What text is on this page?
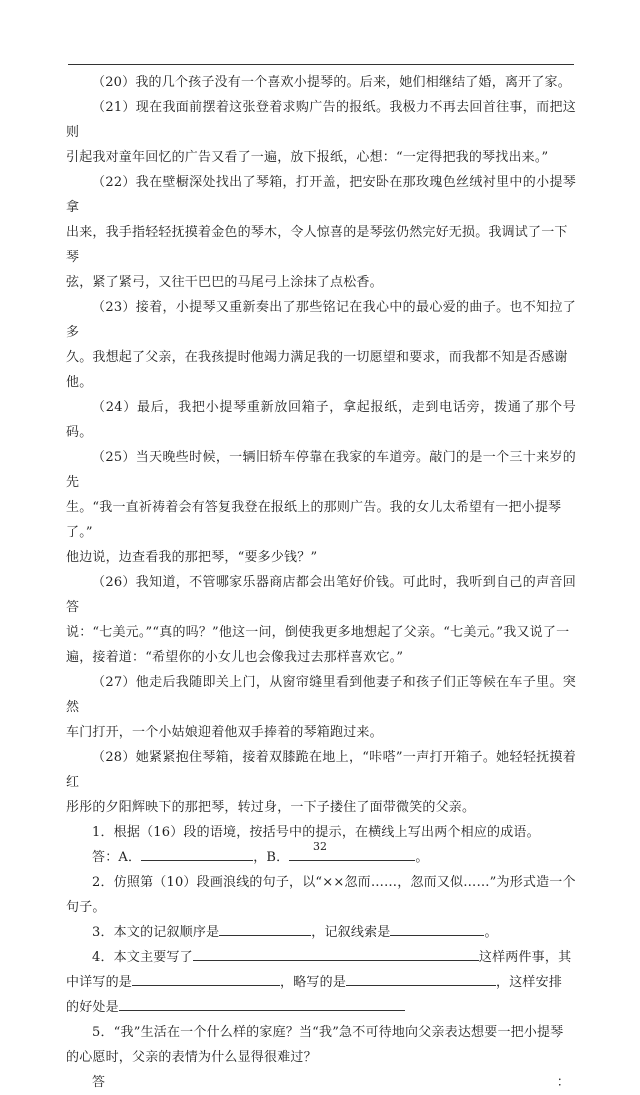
（20）我的几个孩子没有一个喜欢小提琴的。后来，她们相继结了婚，离开了家。

（21）现在我面前摆着这张登着求购广告的报纸。我极力不再去回首往事，而把这则

引起我对童年回忆的广告又看了一遍，放下报纸，心想：“一定得把我的琴找出来。”

（22）我在壁橱深处找出了琴箱，打开盖，把安卧在那玫瑰色丝绒衬里中的小提琴拿

出来，我手指轻轻抚摸着金色的琴木，令人惊喜的是琴弦仍然完好无损。我调试了一下琴

弦，紧了紧弓，又往干巴巴的马尾弓上涂抹了点松香。

（23）接着，小提琴又重新奏出了那些铭记在我心中的最心爱的曲子。也不知拉了多

久。我想起了父亲，在我孩提时他竭力满足我的一切愿望和要求，而我都不知是否感谢他。

（24）最后，我把小提琴重新放回箱子，拿起报纸，走到电话旁，拨通了那个号码。

（25）当天晚些时候，一辆旧轿车停靠在我家的车道旁。敲门的是一个三十来岁的先

生。“我一直祈祷着会有答复我登在报纸上的那则广告。我的女儿太希望有一把小提琴了。”

他边说，边查看我的那把琴，“要多少钱？”

（26）我知道，不管哪家乐器商店都会出笔好价钱。可此时，我听到自己的声音回答

说：“七美元。”“真的吗？”他这一问，倒使我更多地想起了父亲。“七美元。”我又说了一

遍，接着道：“希望你的小女儿也会像我过去那样喜欢它。”

（27）他走后我随即关上门，从窗帘缝里看到他妻子和孩子们正等候在车子里。突然

车门打开，一个小姑娘迎着他双手捧着的琴箱跑过来。

（28）她紧紧抱住琴箱，接着双膝跪在地上，“咔嗒”一声打开箱子。她轻轻抚摸着红

彤彤的夕阳辉映下的那把琴，转过身，一下子搂住了面带微笑的父亲。

1．根据（16）段的语境，按括号中的提示，在横线上写出两个相应的成语。

答：A．	，B．	。

2．仿照第（10）段画浪线的句子，以“××忽而……，忽而又似……”为形式造一个

句子。

3．本文的记叙顺序是	，记叙线索是	。

4．本文主要写了	这样两件事，其

中详写的是	，略写的是	，这样安排

的好处是

5．“我”生活在一个什么样的家庭？当“我”急不可待地向父亲表达想要一把小提琴

的心愿时，父亲的表情为什么显得很难过？

答	：
32
